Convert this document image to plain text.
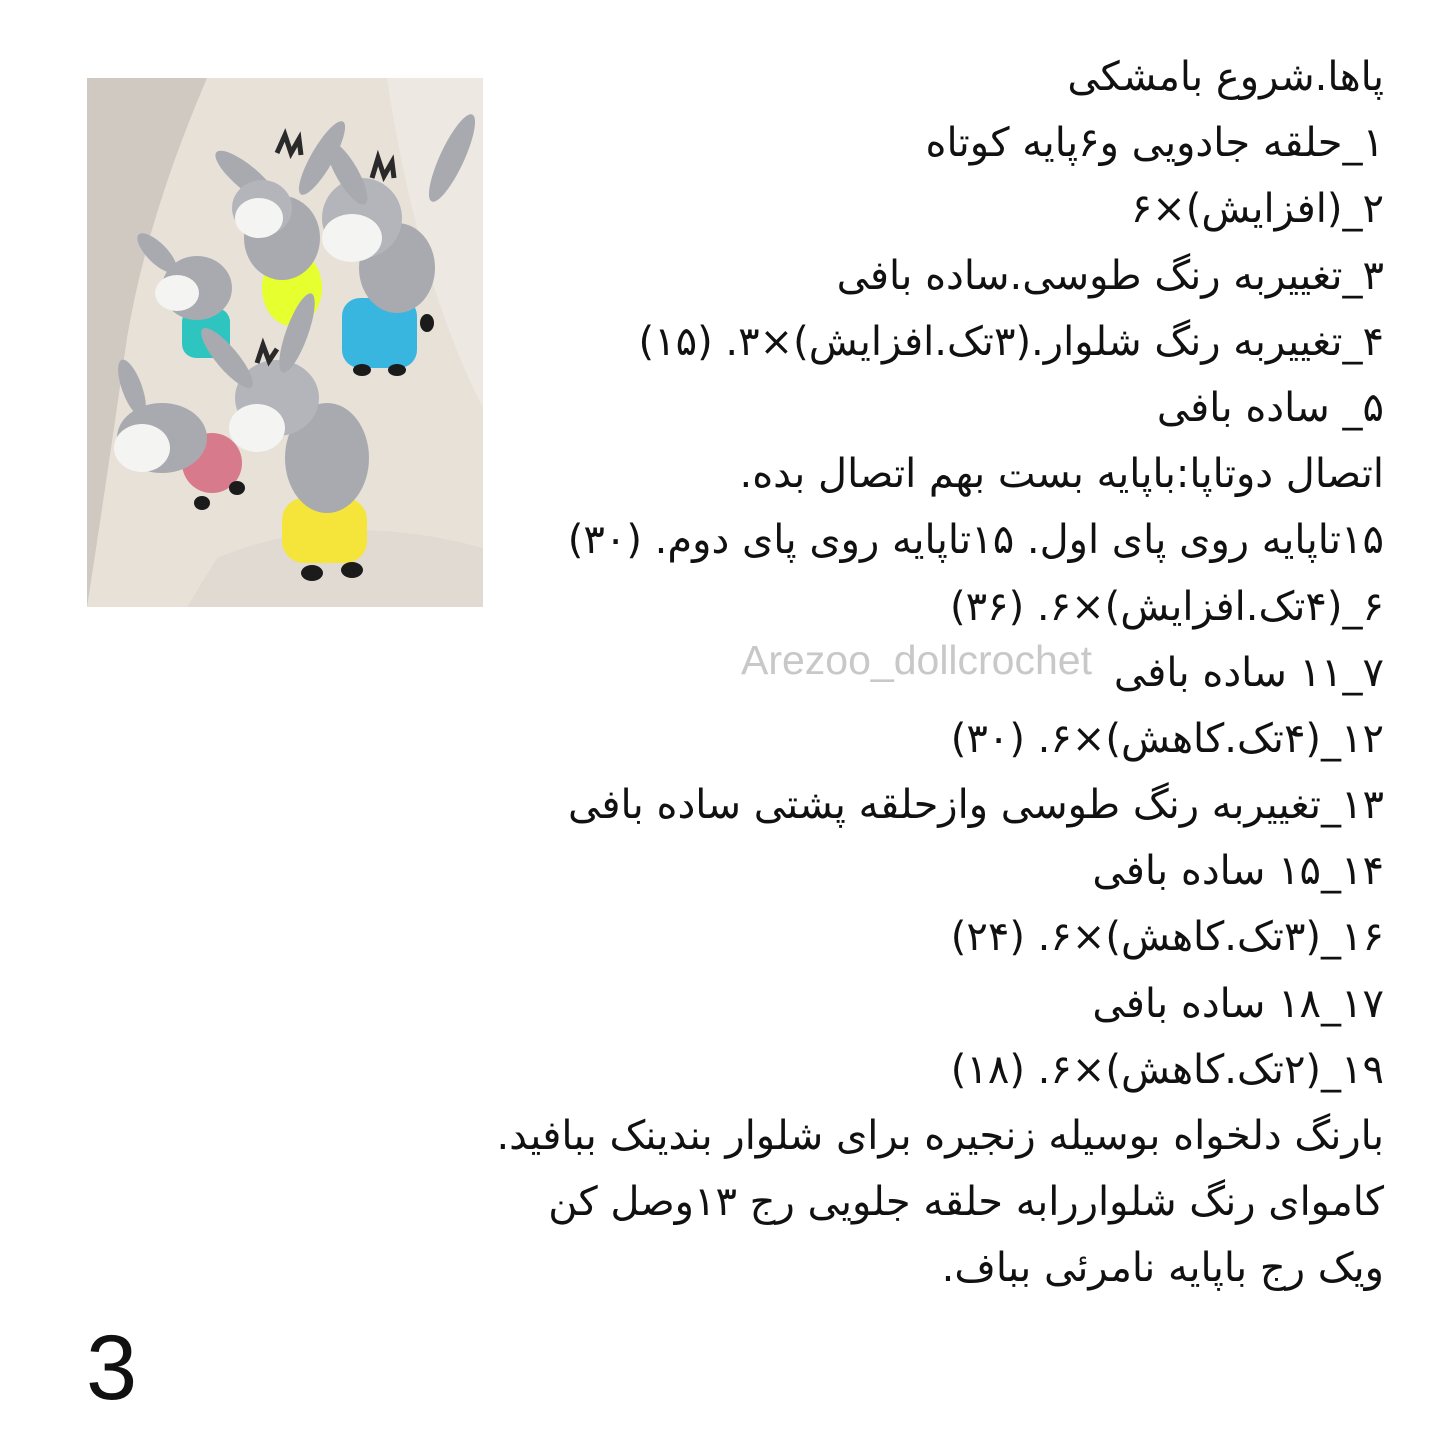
پاها.شروع بامشکی
۱_حلقه جادویی و۶پایه کوتاه
۲_(افزایش)×۶
۳_تغییربه رنگ طوسی.ساده بافی
۴_تغییربه رنگ شلوار.(۳تک.افزایش)×۳. (۱۵)
۵_ ساده بافی
اتصال دوتاپا:باپایه بست بهم اتصال بده.
۱۵تاپایه روی پای اول. ۱۵تاپایه روی پای دوم. (۳۰)
۶_(۴تک.افزایش)×۶. (۳۶)
۷_۱۱ ساده بافی
۱۲_(۴تک.کاهش)×۶. (۳۰)
۱۳_تغییربه رنگ طوسی وازحلقه پشتی ساده بافی
۱۴_۱۵ ساده بافی
۱۶_(۳تک.کاهش)×۶. (۲۴)
۱۷_۱۸ ساده بافی
۱۹_(۲تک.کاهش)×۶. (۱۸)
بارنگ دلخواه بوسیله زنجیره برای شلوار بندینک ببافید.
کاموای رنگ شلواررابه حلقه جلویی رج ۱۳وصل کن
ویک رج باپایه نامرئی بباف.
Arezoo_dollcrochet
3
